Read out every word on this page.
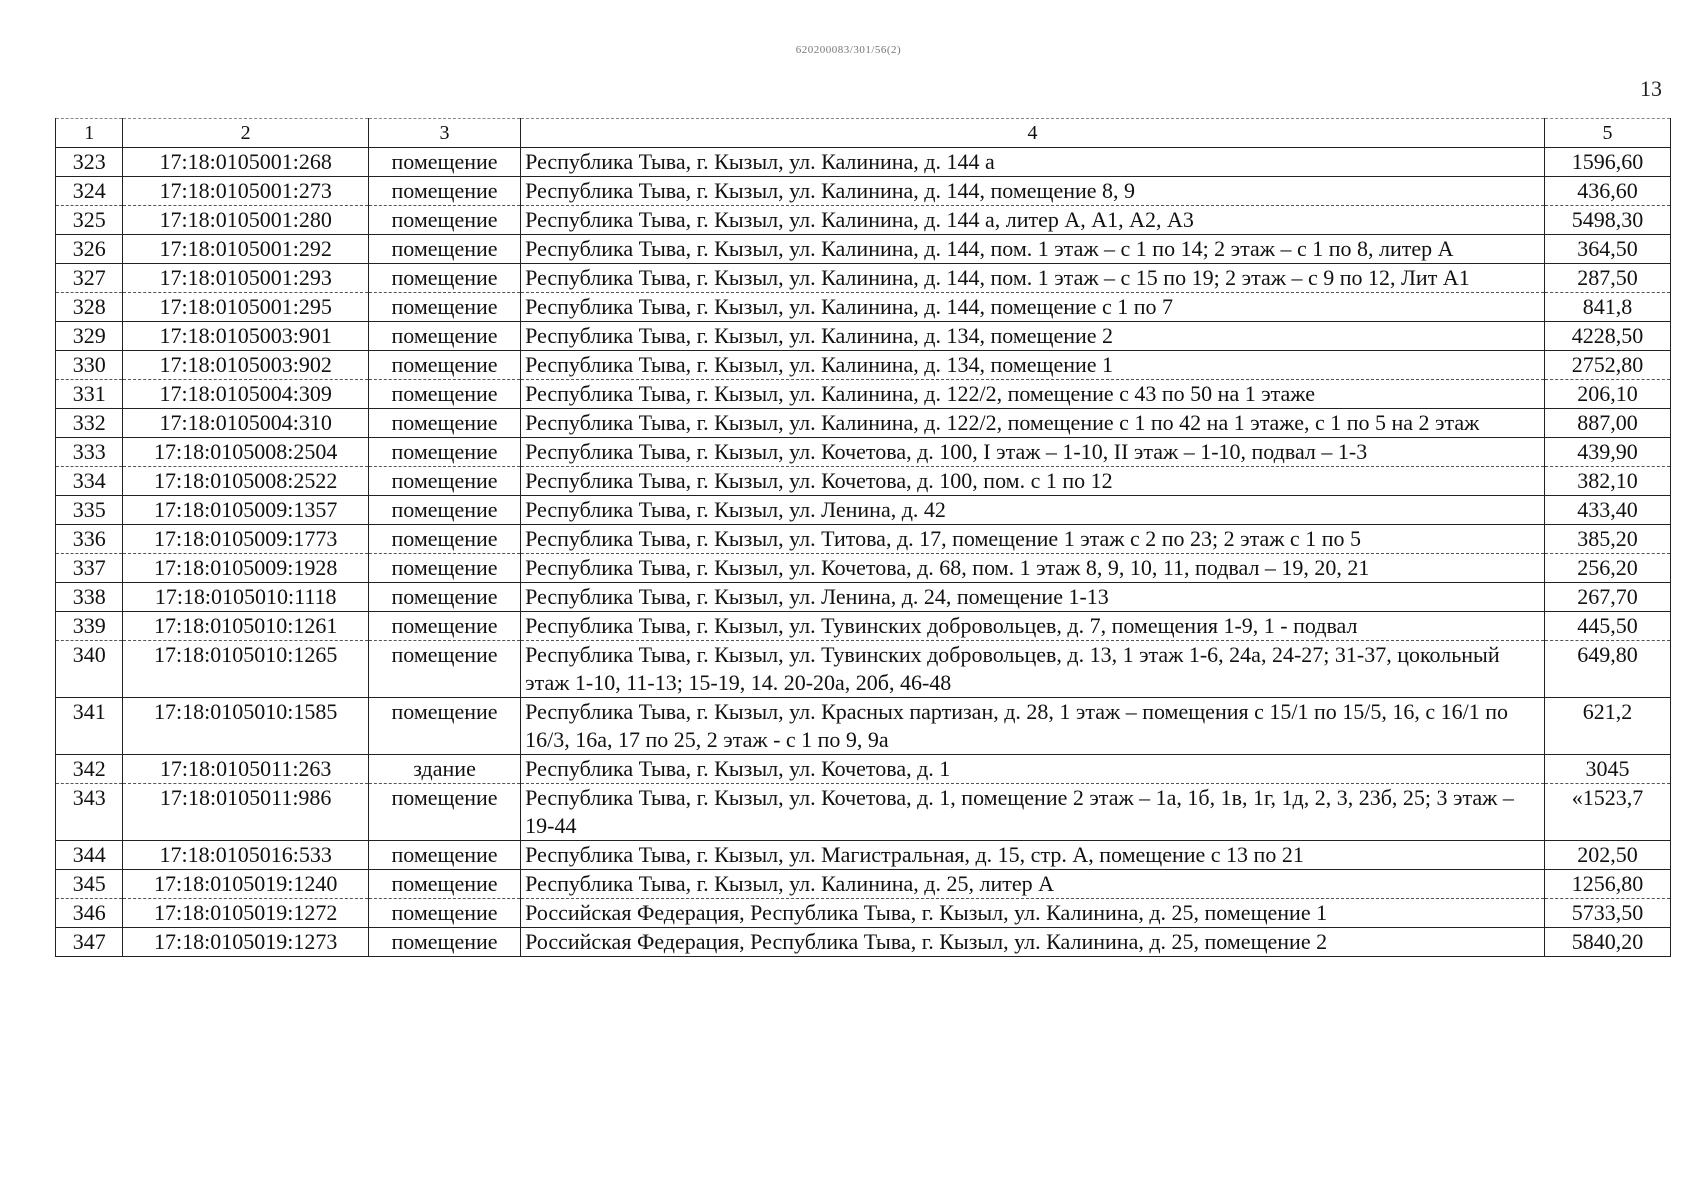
620200083/301/56(2)
13
1	2	3	4	5
323	17:18:0105001:268	помещение	Республика Тыва, г. Кызыл, ул. Калинина, д. 144 а	1596,60
324	17:18:0105001:273	помещение	Республика Тыва, г. Кызыл, ул. Калинина, д. 144, помещение 8, 9	436,60
325	17:18:0105001:280	помещение	Республика Тыва, г. Кызыл, ул. Калинина, д. 144 а, литер А, А1, А2, А3	5498,30
326	17:18:0105001:292	помещение	Республика Тыва, г. Кызыл, ул. Калинина, д. 144, пом. 1 этаж – с 1 по 14; 2 этаж – с 1 по 8, литер А	364,50
327	17:18:0105001:293	помещение	Республика Тыва, г. Кызыл, ул. Калинина, д. 144, пом. 1 этаж – с 15 по 19; 2 этаж – с 9 по 12, Лит А1	287,50
328	17:18:0105001:295	помещение	Республика Тыва, г. Кызыл, ул. Калинина, д. 144, помещение с 1 по 7	841,8
329	17:18:0105003:901	помещение	Республика Тыва, г. Кызыл, ул. Калинина, д. 134, помещение 2	4228,50
330	17:18:0105003:902	помещение	Республика Тыва, г. Кызыл, ул. Калинина, д. 134, помещение 1	2752,80
331	17:18:0105004:309	помещение	Республика Тыва, г. Кызыл, ул. Калинина, д. 122/2, помещение с 43 по 50 на 1 этаже	206,10
332	17:18:0105004:310	помещение	Республика Тыва, г. Кызыл, ул. Калинина, д. 122/2, помещение с 1 по 42 на 1 этаже, с 1 по 5 на 2 этаж	887,00
333	17:18:0105008:2504	помещение	Республика Тыва, г. Кызыл, ул. Кочетова, д. 100, I этаж – 1-10, II этаж – 1-10, подвал – 1-3	439,90
334	17:18:0105008:2522	помещение	Республика Тыва, г. Кызыл, ул. Кочетова, д. 100, пом. с 1 по 12	382,10
335	17:18:0105009:1357	помещение	Республика Тыва, г. Кызыл, ул. Ленина, д. 42	433,40
336	17:18:0105009:1773	помещение	Республика Тыва, г. Кызыл, ул. Титова, д. 17, помещение 1 этаж с 2 по 23; 2 этаж с 1 по 5	385,20
337	17:18:0105009:1928	помещение	Республика Тыва, г. Кызыл, ул. Кочетова, д. 68, пом. 1 этаж 8, 9, 10, 11, подвал – 19, 20, 21	256,20
338	17:18:0105010:1118	помещение	Республика Тыва, г. Кызыл, ул. Ленина, д. 24, помещение 1-13	267,70
339	17:18:0105010:1261	помещение	Республика Тыва, г. Кызыл, ул. Тувинских добровольцев, д. 7, помещения 1-9, 1 - подвал	445,50
340	17:18:0105010:1265	помещение	Республика Тыва, г. Кызыл, ул. Тувинских добровольцев, д. 13, 1 этаж 1-6, 24а, 24-27; 31-37, цокольный этаж 1-10, 11-13; 15-19, 14. 20-20а, 20б, 46-48	649,80
341	17:18:0105010:1585	помещение	Республика Тыва, г. Кызыл, ул. Красных партизан, д. 28, 1 этаж – помещения с 15/1 по 15/5, 16, с 16/1 по 16/3, 16а, 17 по 25, 2 этаж - с 1 по 9, 9а	621,2
342	17:18:0105011:263	здание	Республика Тыва, г. Кызыл, ул. Кочетова, д. 1	3045
343	17:18:0105011:986	помещение	Республика Тыва, г. Кызыл, ул. Кочетова, д. 1, помещение 2 этаж – 1а, 1б, 1в, 1г, 1д, 2, 3, 23б, 25; 3 этаж – 19-44	«1523,7
344	17:18:0105016:533	помещение	Республика Тыва, г. Кызыл, ул. Магистральная, д. 15, стр. А, помещение с 13 по 21	202,50
345	17:18:0105019:1240	помещение	Республика Тыва, г. Кызыл, ул. Калинина, д. 25, литер А	1256,80
346	17:18:0105019:1272	помещение	Российская Федерация, Республика Тыва, г. Кызыл, ул. Калинина, д. 25, помещение 1	5733,50
347	17:18:0105019:1273	помещение	Российская Федерация, Республика Тыва, г. Кызыл, ул. Калинина, д. 25, помещение 2	5840,20
